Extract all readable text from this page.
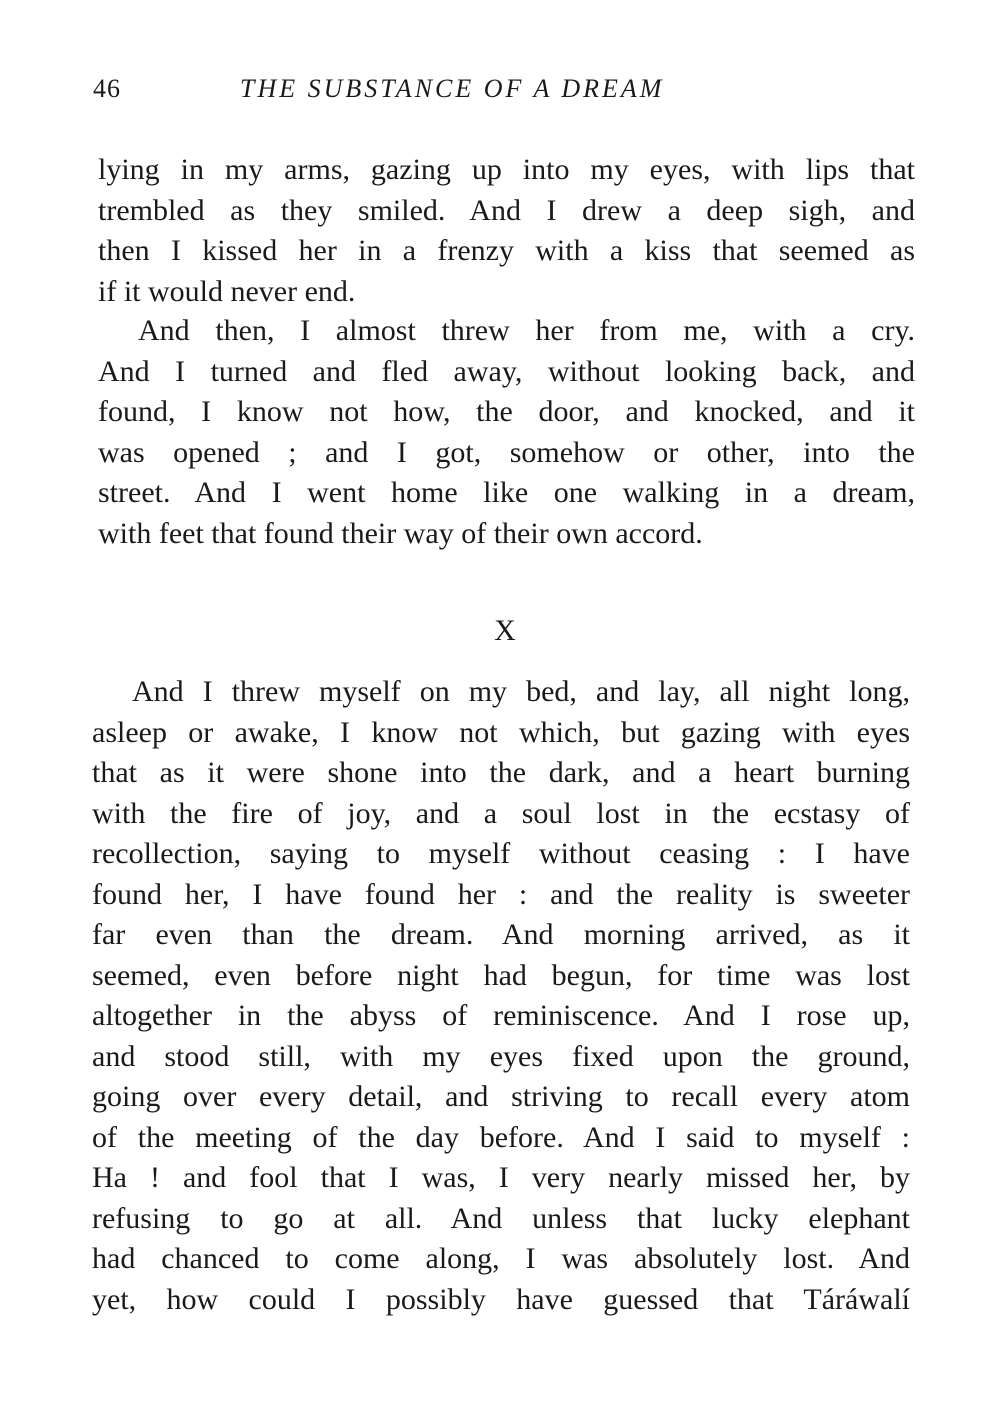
46	THE SUBSTANCE OF A DREAM
lying in my arms, gazing up into my eyes, with lips that
trembled as they smiled. And I drew a deep sigh, and
then I kissed her in a frenzy with a kiss that seemed as
if it would never end.
And then, I almost threw her from me, with a cry.
And I turned and fled away, without looking back, and
found, I know not how, the door, and knocked, and it
was opened ; and I got, somehow or other, into the
street. And I went home like one walking in a dream,
with feet that found their way of their own accord.
X
And I threw myself on my bed, and lay, all night long,
asleep or awake, I know not which, but gazing with eyes
that as it were shone into the dark, and a heart burning
with the fire of joy, and a soul lost in the ecstasy of
recollection, saying to myself without ceasing : I have
found her, I have found her : and the reality is sweeter
far even than the dream. And morning arrived, as it
seemed, even before night had begun, for time was lost
altogether in the abyss of reminiscence. And I rose up,
and stood still, with my eyes fixed upon the ground,
going over every detail, and striving to recall every atom
of the meeting of the day before. And I said to myself :
Ha ! and fool that I was, I very nearly missed her, by
refusing to go at all. And unless that lucky elephant
had chanced to come along, I was absolutely lost. And
yet, how could I possibly have guessed that Táráwalí
